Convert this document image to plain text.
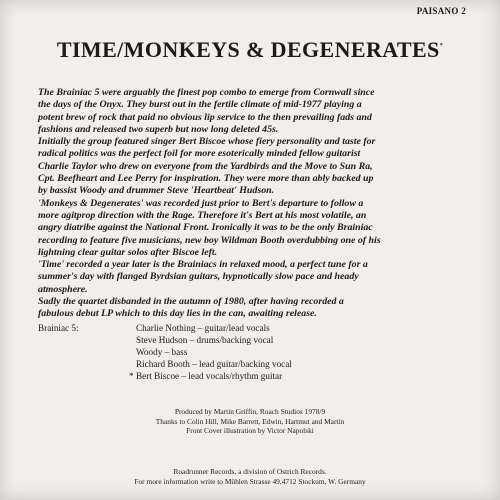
PAISANO 2
TIME/MONKEYS & DEGENERATES*

The Brainiac 5 were arguably the finest pop combo to emerge from Cornwall since
the days of the Onyx. They burst out in the fertile climate of mid-1977 playing a
potent brew of rock that paid no obvious lip service to the then prevailing fads and
fashions and released two superb but now long deleted 45s.

Initially the group featured singer Bert Biscoe whose fiery personality and taste for
radical politics was the perfect foil for more esoterically minded fellow guitarist
Charlie Taylor who drew on everyone from the Yardbirds and the Move to Sun Ra,
Cpt. Beefheart and Lee Perry for inspiration. They were more than ably backed up
by bassist Woody and drummer Steve 'Heartbeat' Hudson.

'Monkeys & Degenerates' was recorded just prior to Bert's departure to follow a
more agitprop direction with the Rage. Therefore it's Bert at his most volatile, an
angry diatribe against the National Front. Ironically it was to be the only Brainiac
recording to feature five musicians, new boy Wildman Booth overdubbing one of his
lightning clear guitar solos after Biscoe left.

'Time' recorded a year later is the Brainiacs in relaxed mood, a perfect tune for a
summer's day with flanged Byrdsian guitars, hypnotically slow pace and heady
atmosphere.

Sadly the quartet disbanded in the autumn of 1980, after having recorded a
fabulous debut LP which to this day lies in the can, awaiting release.

Brainiac 5:	Charlie Nothing – guitar/lead vocals
Steve Hudson – drums/backing vocal
Woody – bass
Richard Booth – lead guitar/backing vocal
* Bert Biscoe – lead vocals/rhythm guitar
Produced by Martin Griffin, Roach Studios 1978/9
Thanks to Colin Hill, Mike Barrett, Edwin, Hartmut and Martin
Front Cover illustration by Victor Napolski
Roadrunner Records, a division of Ostrich Records.
For more information write to Mühlen Strasse 49,4712 Stockum, W. Germany
